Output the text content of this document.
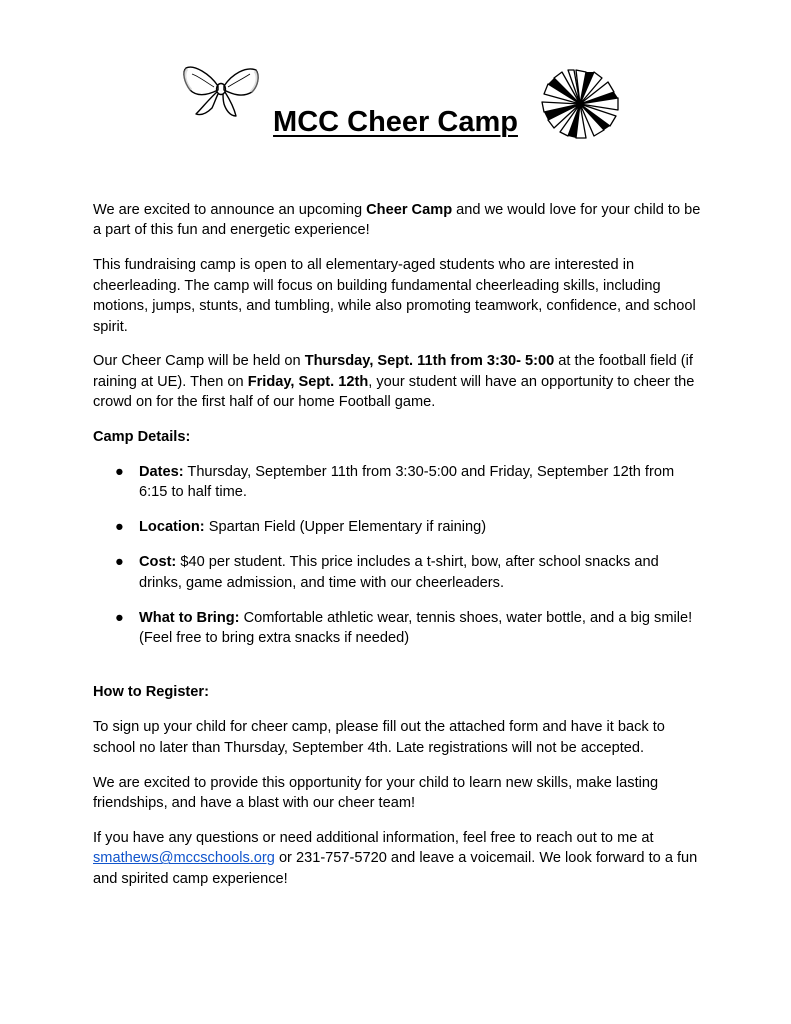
MCC Cheer Camp

We are excited to announce an upcoming Cheer Camp and we would love for your child to be a part of this fun and energetic experience!

This fundraising camp is open to all elementary-aged students who are interested in cheerleading. The camp will focus on building fundamental cheerleading skills, including motions, jumps, stunts, and tumbling, while also promoting teamwork, confidence, and school spirit.

Our Cheer Camp will be held on Thursday, Sept. 11th from 3:30- 5:00 at the football field (if raining at UE). Then on Friday, Sept. 12th, your student will have an opportunity to cheer the crowd on for the first half of our home Football game.

Camp Details:

● Dates: Thursday, September 11th from 3:30-5:00 and Friday, September 12th from 6:15 to half time.
● Location: Spartan Field (Upper Elementary if raining)
● Cost: $40 per student. This price includes a t-shirt, bow, after school snacks and drinks, game admission, and time with our cheerleaders.
● What to Bring: Comfortable athletic wear, tennis shoes, water bottle, and a big smile! (Feel free to bring extra snacks if needed)

How to Register:

To sign up your child for cheer camp, please fill out the attached form and have it back to school no later than Thursday, September 4th. Late registrations will not be accepted.

We are excited to provide this opportunity for your child to learn new skills, make lasting friendships, and have a blast with our cheer team!

If you have any questions or need additional information, feel free to reach out to me at smathews@mccschools.org or 231-757-5720 and leave a voicemail. We look forward to a fun and spirited camp experience!
